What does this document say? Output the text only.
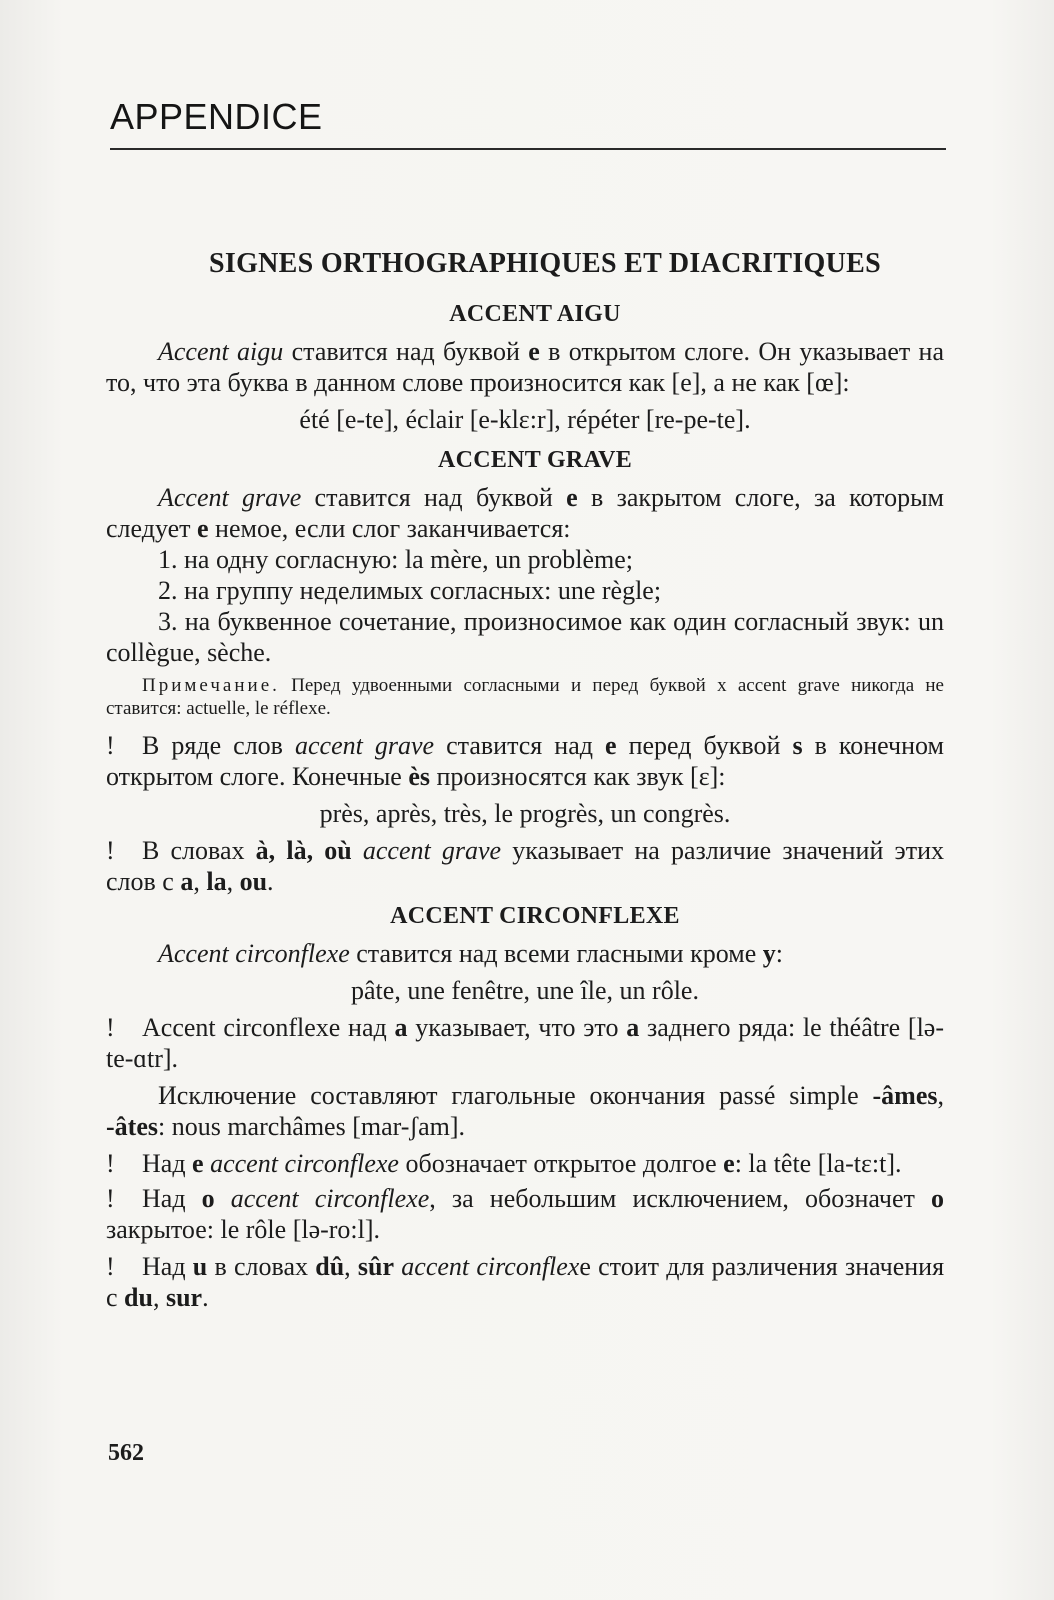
APPENDICE
SIGNES ORTHOGRAPHIQUES ET DIACRITIQUES
ACCENT AIGU

Accent aigu ставится над буквой е в открытом слоге. Он указывает на то, что эта буква в данном слове произносится как [e], а не как [œ]:

été [e-te], éclair [e-klɛ:r], répéter [re-pe-te].

ACCENT GRAVE

Accent grave ставится над буквой е в закрытом слоге, за которым следует е немое, если слог заканчивается:

1. на одну согласную: la mère, un problème;

2. на группу неделимых согласных: une règle;

3. на буквенное сочетание, произносимое как один согласный звук: un collègue, sèche.

Примечание. Перед удвоенными согласными и перед буквой x accent grave никогда не ставится: actuelle, le réflexe.

! В ряде слов accent grave ставится над е перед буквой s в конечном открытом слоге. Конечные ès произносятся как звук [ɛ]:

près, après, très, le progrès, un congrès.

! В словах à, là, où accent grave указывает на различие значений этих слов с a, la, ou.

ACCENT CIRCONFLEXE

Accent circonflexe ставится над всеми гласными кроме y:

pâte, une fenêtre, une île, un rôle.

! Accent circonflexe над a указывает, что это a заднего ряда: le théâtre [lə-te-ɑtr].

Исключение составляют глагольные окончания passé simple -âmes, -âtes: nous marchâmes [mar-ʃam].

! Над е accent circonflexe обозначает открытое долгое е: la tête [la-tɛ:t].

! Над о accent circonflexe, за небольшим исключением, обозначет о закрытое: le rôle [lə-ro:l].

! Над u в словах dû, sûr accent circonflexe стоит для различения значения с du, sur.

562
